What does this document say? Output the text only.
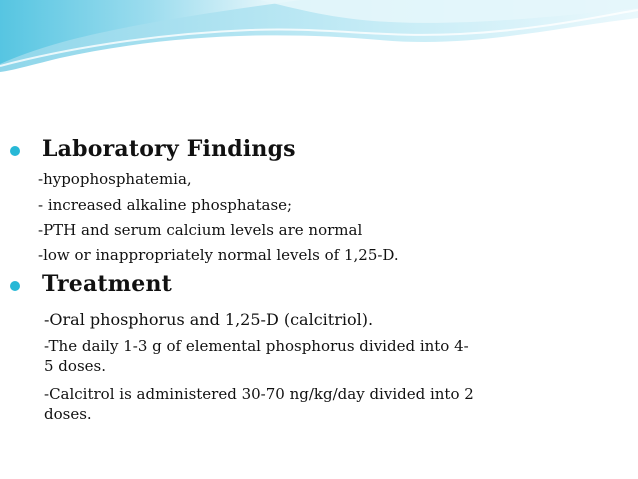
Laboratory Findings
-hypophosphatemia,
- increased alkaline phosphatase;
-PTH and serum calcium levels are normal
-low or inappropriately normal levels of 1,25-D.
Treatment
-Oral phosphorus and 1,25-D (calcitriol).
-The daily 1-3 g of elemental phosphorus divided into 4-
5 doses.
-Calcitrol is administered 30-70 ng/kg/day divided into 2
doses.
